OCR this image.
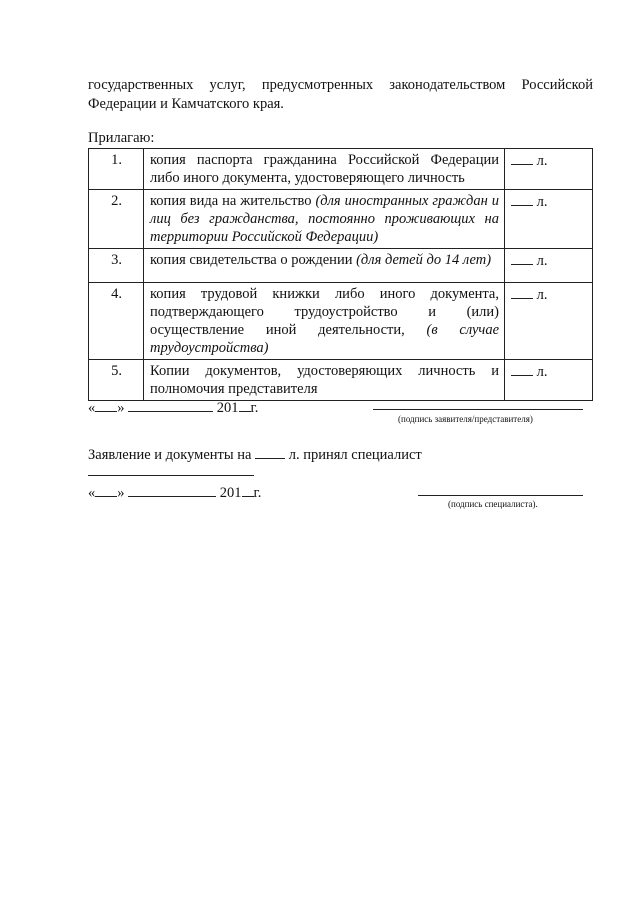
государственных услуг, предусмотренных законодательством Российской
Федерации и Камчатского края.
Прилагаю:
1.	копия паспорта гражданина Российской Федерации либо иного документа, удостоверяющего личность	л.
2.	копия вида на жительство (для иностранных граждан и лиц без гражданства, постоянно проживающих на территории Российской Федерации)	л.
3.	копия свидетельства о рождении (для детей до 14 лет)	л.
4.	копия трудовой книжки либо иного документа, подтверждающего трудоустройство и (или) осуществление иной деятельности, (в случае трудоустройства)	л.
5.	Копии документов, удостоверяющих личность и полномочия представителя	л.
« »	201 г.
(подпись заявителя/представителя)
Заявление и документы на	л. принял специалист
« »	201 г.
(подпись специалиста).
